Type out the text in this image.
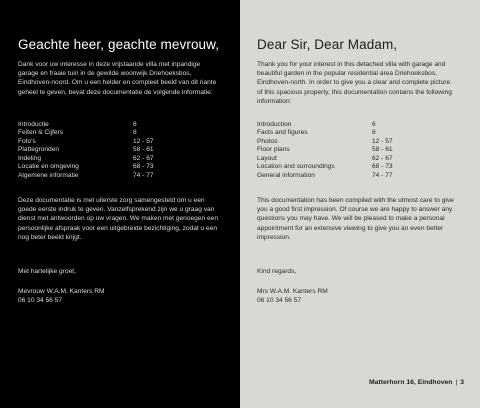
Geachte heer, geachte mevrouw,
Dank voor uw interesse in deze vrijstaande villa met inpandige garage en fraaie tuin in de gewilde woonwijk Driehoeksbos, Eindhoven-noord. Om u een helder en compleet beeld van dit riante geheel te geven, bevat deze documentatie de volgende informatie:
Introductie	6
Feiten & Cijfers	8
Foto's	12 - 57
Plattegronden	58 - 61
Indeling	62 - 67
Locatie en omgeving	68 - 73
Algemene informatie	74 - 77
Deze documentatie is met uiterste zorg samengesteld om u een goede eerste indruk te geven. Vanzelfsprekend zijn we u graag van dienst met antwoorden op uw vragen. We maken met genoegen een persoonlijke afspraak voor een uitgebreide bezichtiging, zodat u een nog beter beeld krijgt.
Met hartelijke groet,

Mevrouw W.A.M. Kanters RM

06 10 34 56 57

Dear Sir, Dear Madam,
Thank you for your interest in this detached villa with garage and beautiful garden in the popular residential area Driehoeksbos, Eindhoven-north. In order to give you a clear and complete picture of this spacious property, this documentation contains the following information:
Introduction	6
Facts and figures	8
Photos	12 - 57
Floor plans	58 - 61
Layout	62 - 67
Location and surroundings	68 - 73
General information	74 - 77
This documentation has been compiled with the utmost care to give you a good first impression. Of course we are happy to answer any questions you may have. We will be pleased to make a personal appointment for an extensive viewing to give you an even better impression.
Kind regards,

Mrs W.A.M. Kanters RM

06 10 34 56 57

Matterhorn 16, Eindhoven | 3
